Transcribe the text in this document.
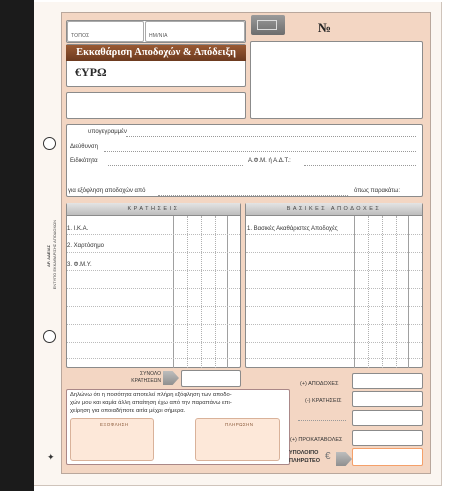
ΑΡ. ΑΔΕΙΑΣ ΕΝΤΥΠΟ ΕΚΚΑΘΑΡΙΣΗΣ ΑΠΟΔΟΧΩΝ
✦
ΤΟΠΟΣ	ΗΜ/ΝΙΑ
Εκκαθάριση Αποδοχών & Απόδειξη Πληρωμής
€ΥΡΩ
№
υπογεγραμμέν
Διεύθυνση
Ειδικότητα	Α.Φ.Μ. ή Α.Δ.Τ.:
για εξόφληση αποδοχών από	όπως παρακάτω:
ΚΡΑΤΗΣΕΙΣ
1. Ι.Κ.Α.
2. Χαρτόσημο
3. Φ.Μ.Υ.
ΒΑΣΙΚΕΣ ΑΠΟΔΟΧΕΣ
1. Βασικές Ακαθάριστες Αποδοχές
ΣΥΝΟΛΟ
ΚΡΑΤΗΣΕΩΝ
Δηλώνω ότι η ποσότητα αποτελεί πλήρη εξόφληση των αποδο-
χών μου και καμία άλλη απαίτηση έχω από την παραπάνω επι-
χείρηση για οποιαδήποτε αιτία μέχρι σήμερα.
ΕΞΟΦΛΗΣΗ	ΠΛΗΡΩΣΗΝ
(+) ΑΠΟΔΟΧΕΣ
(-) ΚΡΑΤΗΣΕΙΣ
(+) ΠΡΟΚΑΤΑΒΟΛΕΣ
ΥΠΟΛΟΙΠΟ
ΠΛΗΡΩΤΕΟ €
